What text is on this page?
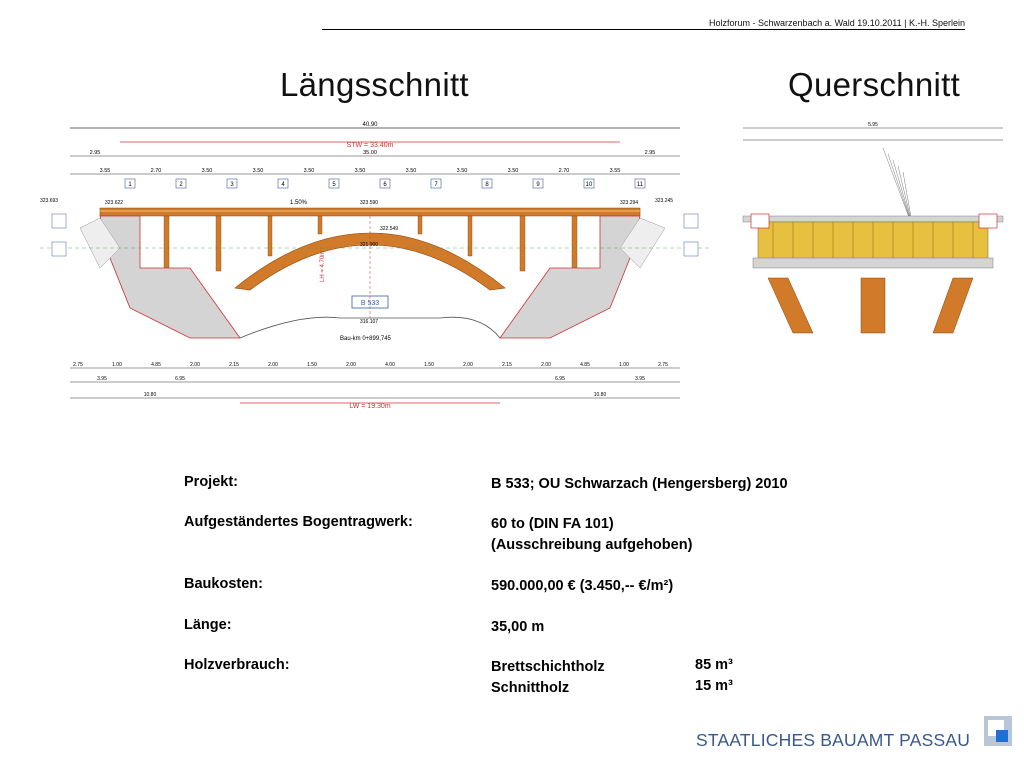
Holzforum - Schwarzenbach a. Wald 19.10.2011 | K.-H. Sperlein
Längsschnitt	Querschnitt
40.90
STW = 33.40m
2.95	35.00	2.95
3.55	2.70	3.50	3.50	3.50	3.50	3.50	3.50	3.50	2.70	3.55
1	2	3	4	5	6	7	8	9	10	11
1.50%
323.622
323.693	323.590	323.294	323.245
322.549
321.900
LH = 4.70m
B 533
316.107
Bau-km 0+899,745
2.75	1.00	4.85	2.00	2.15	2.00	1.50	2.00	4.00	1.50	2.00	2.15	2.00	4.85	1.00	2.75
3.95	6.95	6.95	3.95
10.80	10.80
LW = 19.30m
5.95
Projekt:	B 533; OU Schwarzach (Hengersberg) 2010
Aufgeständertes Bogentragwerk:	60 to (DIN FA 101)
(Ausschreibung aufgehoben)
Baukosten:	590.000,00 € (3.450,-- €/m²)
Länge:	35,00 m
Holzverbrauch:	Brettschichtholz	85 m³
Schnittholz	15 m³
STAATLICHES BAUAMT PASSAU
